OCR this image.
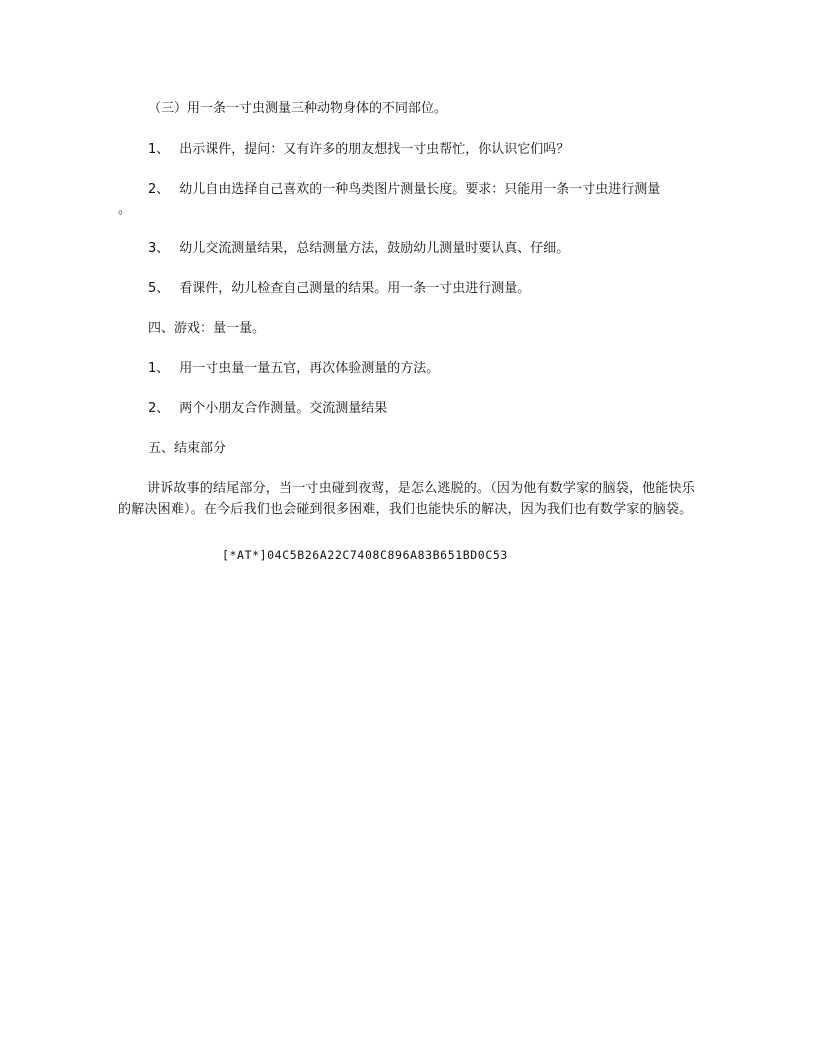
（三）用一条一寸虫测量三种动物身体的不同部位。
1、 出示课件，提问：又有许多的朋友想找一寸虫帮忙，你认识它们吗？
2、 幼儿自由选择自己喜欢的一种鸟类图片测量长度。要求：只能用一条一寸虫进行测量
。
3、 幼儿交流测量结果，总结测量方法，鼓励幼儿测量时要认真、仔细。
5、 看课件，幼儿检查自己测量的结果。用一条一寸虫进行测量。
四、游戏：量一量。
1、 用一寸虫量一量五官，再次体验测量的方法。
2、 两个小朋友合作测量。交流测量结果
五、结束部分
讲诉故事的结尾部分，当一寸虫碰到夜莺，是怎么逃脱的。（因为他有数学家的脑袋，他能快乐的解决困难）。在今后我们也会碰到很多困难，我们也能快乐的解决，因为我们也有数学家的脑袋。
[*AT*]04C5B26A22C7408C896A83B651BD0C53
